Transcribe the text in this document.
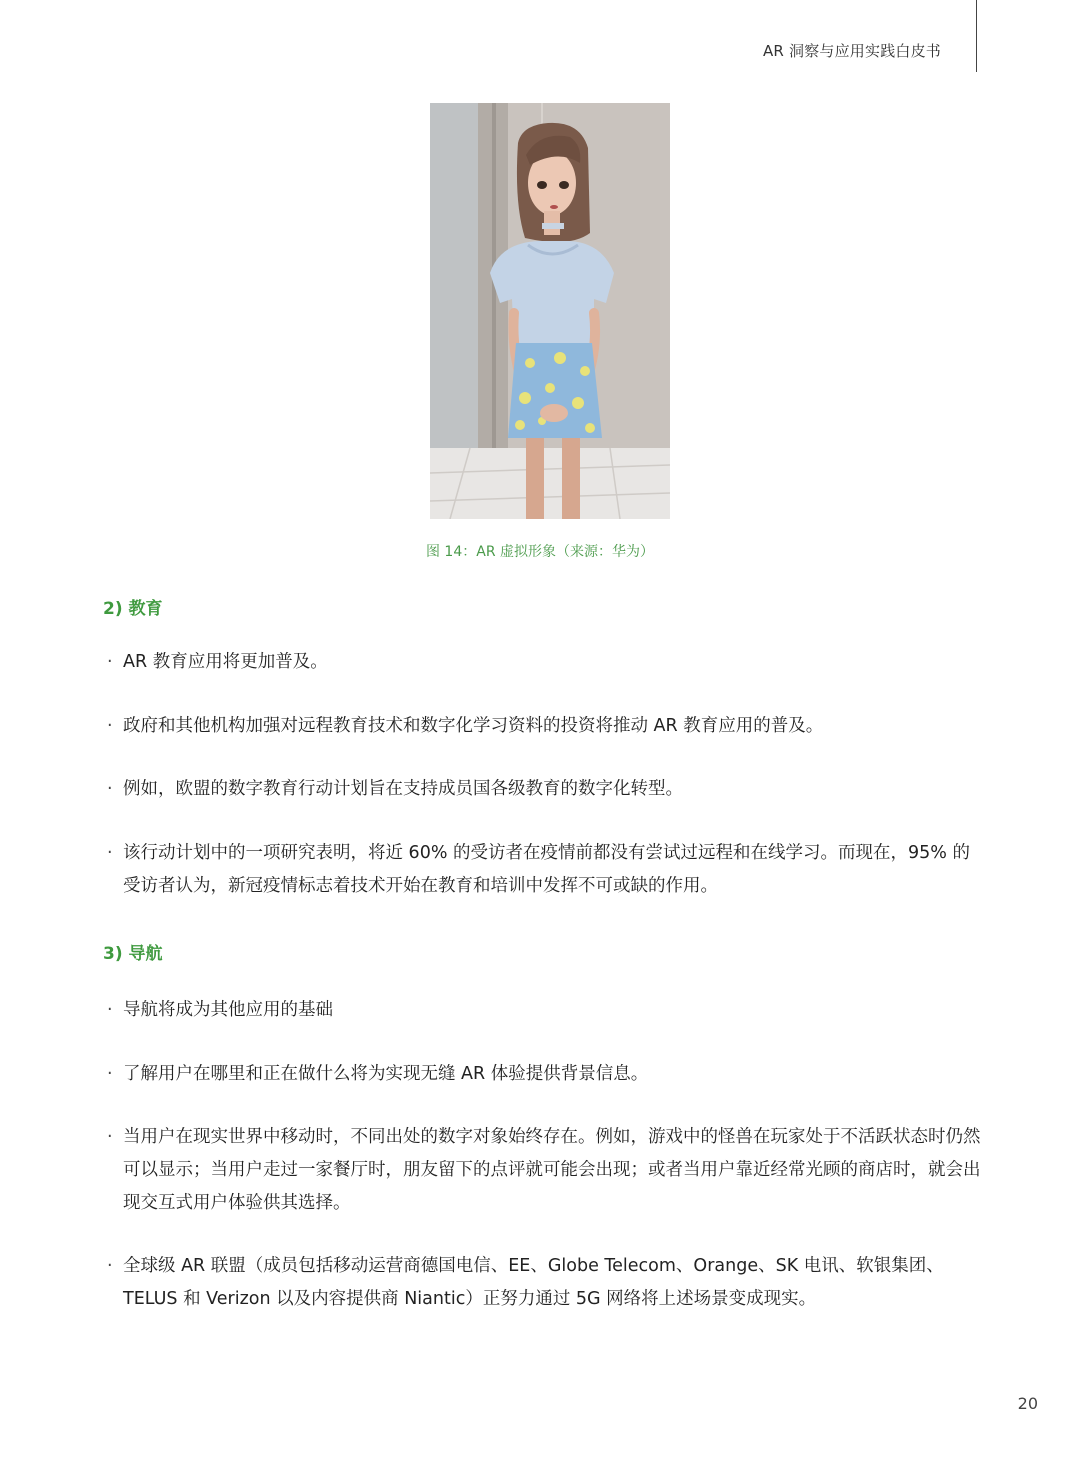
AR 洞察与应用实践白皮书
图 14：AR 虚拟形象（来源：华为）
2) 教育
· AR 教育应用将更加普及。
· 政府和其他机构加强对远程教育技术和数字化学习资料的投资将推动 AR 教育应用的普及。
· 例如，欧盟的数字教育行动计划旨在支持成员国各级教育的数字化转型。
· 该行动计划中的一项研究表明，将近 60% 的受访者在疫情前都没有尝试过远程和在线学习。而现在，95% 的受访者认为，新冠疫情标志着技术开始在教育和培训中发挥不可或缺的作用。
3) 导航
· 导航将成为其他应用的基础
· 了解用户在哪里和正在做什么将为实现无缝 AR 体验提供背景信息。
· 当用户在现实世界中移动时，不同出处的数字对象始终存在。例如，游戏中的怪兽在玩家处于不活跃状态时仍然可以显示；当用户走过一家餐厅时，朋友留下的点评就可能会出现；或者当用户靠近经常光顾的商店时，就会出现交互式用户体验供其选择。
· 全球级 AR 联盟（成员包括移动运营商德国电信、EE、Globe Telecom、Orange、SK 电讯、软银集团、TELUS 和 Verizon 以及内容提供商 Niantic）正努力通过 5G 网络将上述场景变成现实。
20
